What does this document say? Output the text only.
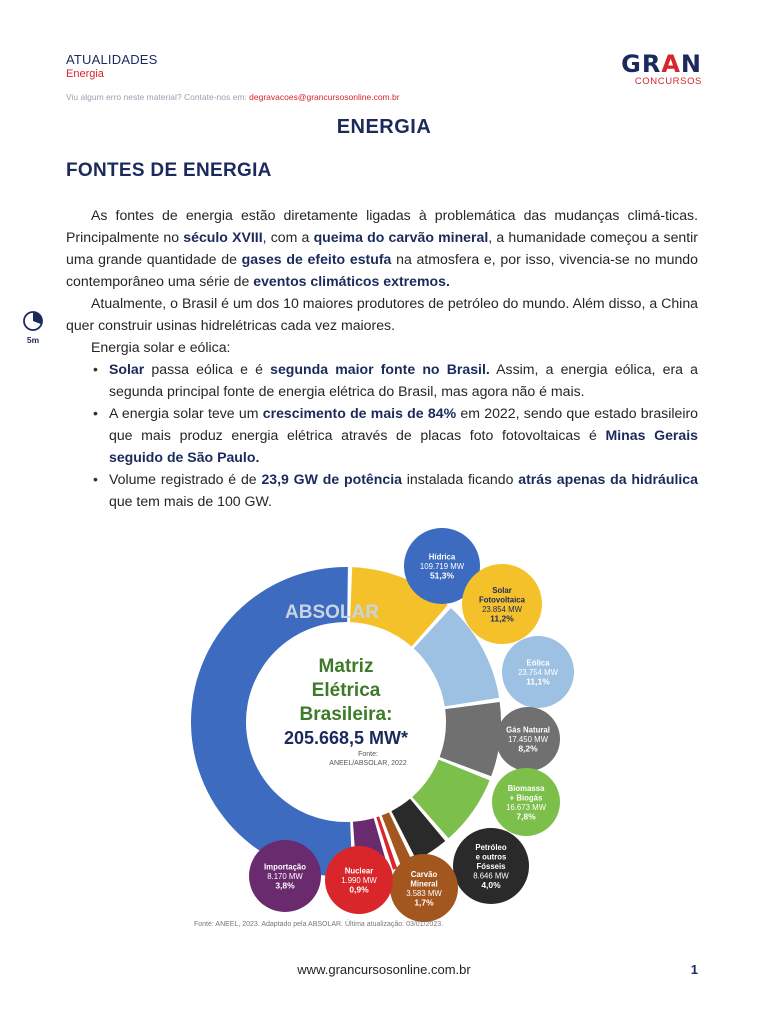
ATUALIDADES
Energia	GRAN
CONCURSOS
Viu algum erro neste material? Contate-nos em: degravacoes@grancursosonline.com.br
ENERGIA
FONTES DE ENERGIA
5m

As fontes de energia estão diretamente ligadas à problemática das mudanças climá-ticas. Principalmente no século XVIII, com a queima do carvão mineral, a humanidade começou a sentir uma grande quantidade de gases de efeito estufa na atmosfera e, por isso, vivencia-se no mundo contemporâneo uma série de eventos climáticos extremos.

Atualmente, o Brasil é um dos 10 maiores produtores de petróleo do mundo. Além disso, a China quer construir usinas hidrelétricas cada vez maiores.

Energia solar e eólica:

• Solar passa eólica e é segunda maior fonte no Brasil. Assim, a energia eólica, era a segunda principal fonte de energia elétrica do Brasil, mas agora não é mais.
• A energia solar teve um crescimento de mais de 84% em 2022, sendo que estado brasileiro que mais produz energia elétrica através de placas foto fotovoltaicas é Minas Gerais seguido de São Paulo.
• Volume registrado é de 23,9 GW de potência instalada ficando atrás apenas da hidráulica que tem mais de 100 GW.
ABSOLAR
Matriz
Elétrica
Brasileira:
205.668,5 MW*
Fonte:
ANEEL/ABSOLAR, 2022
Hídrica
109.719 MW
51,3%
Solar
Fotovoltaica
23.854 MW
11,2%
Eólica
23.754 MW
11,1%
Gás Natural
17.450 MW
8,2%
Biomassa
+ Biogás
16.673 MW
7,8%
Petróleo
e outros
Fósseis
8.646 MW
4,0%
Carvão
Mineral
3.583 MW
1,7%
Nuclear
1.990 MW
0,9%
Importação
8.170 MW
3,8%
Fonte: ANEEL, 2023. Adaptado pela ABSOLAR. Última atualização: 03/01/2023.
www.grancursosonline.com.br	1
